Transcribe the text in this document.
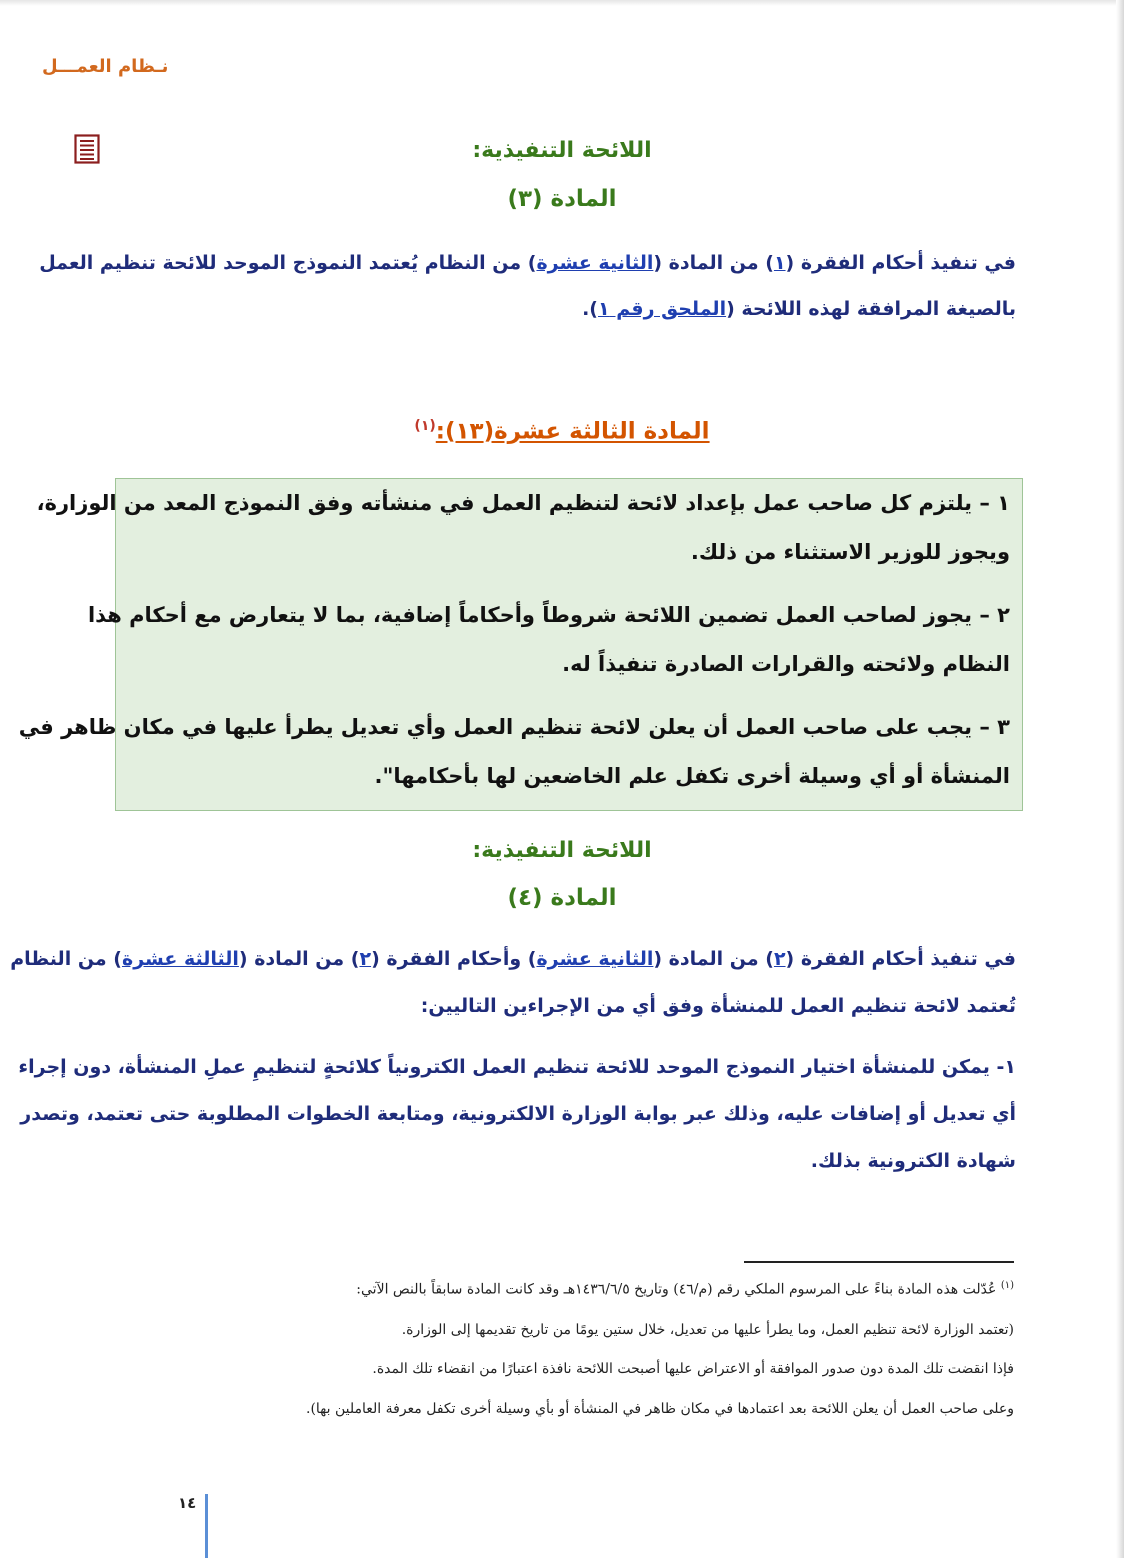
نـظام العمـــل
اللائحة التنفيذية:
المادة (٣)
في تنفيذ أحكام الفقرة (١) من المادة (الثانية عشرة) من النظام يُعتمد النموذج الموحد للائحة تنظيم العمل
بالصيغة المرافقة لهذه اللائحة (الملحق رقم ١).
المادة الثالثة عشرة(١٣):$^{(١)}$
١ – يلتزم كل صاحب عمل بإعداد لائحة لتنظيم العمل في منشأته وفق النموذج المعد من الوزارة،
ويجوز للوزير الاستثناء من ذلك.
٢ – يجوز لصاحب العمل تضمين اللائحة شروطاً وأحكاماً إضافية، بما لا يتعارض مع أحكام هذا
النظام ولائحته والقرارات الصادرة تنفيذاً له.
٣ – يجب على صاحب العمل أن يعلن لائحة تنظيم العمل وأي تعديل يطرأ عليها في مكان ظاهر في
المنشأة أو أي وسيلة أخرى تكفل علم الخاضعين لها بأحكامها".
اللائحة التنفيذية:
المادة (٤)
في تنفيذ أحكام الفقرة (٢) من المادة (الثانية عشرة) وأحكام الفقرة (٢) من المادة (الثالثة عشرة) من النظام
تُعتمد لائحة تنظيم العمل للمنشأة وفق أي من الإجراءين التاليين:
١- يمكن للمنشأة اختيار النموذج الموحد للائحة تنظيم العمل الكترونياً كلائحةٍ لتنظيمِ عملِ المنشأة، دون إجراء
أي تعديل أو إضافات عليه، وذلك عبر بوابة الوزارة الالكترونية، ومتابعة الخطوات المطلوبة حتى تعتمد، وتصدر
شهادة الكترونية بذلك.
$^{(١)}$ عُدّلت هذه المادة بناءً على المرسوم الملكي رقم (م/٤٦) وتاريخ ١٤٣٦/٦/٥هـ وقد كانت المادة سابقاً بالنص الآتي:
(تعتمد الوزارة لائحة تنظيم العمل، وما يطرأ عليها من تعديل، خلال ستين يومًا من تاريخ تقديمها إلى الوزارة.
فإذا انقضت تلك المدة دون صدور الموافقة أو الاعتراض عليها أصبحت اللائحة نافذة اعتبارًا من انقضاء تلك المدة.
وعلى صاحب العمل أن يعلن اللائحة بعد اعتمادها في مكان ظاهر في المنشأة أو بأي وسيلة أخرى تكفل معرفة العاملين بها).
١٤
